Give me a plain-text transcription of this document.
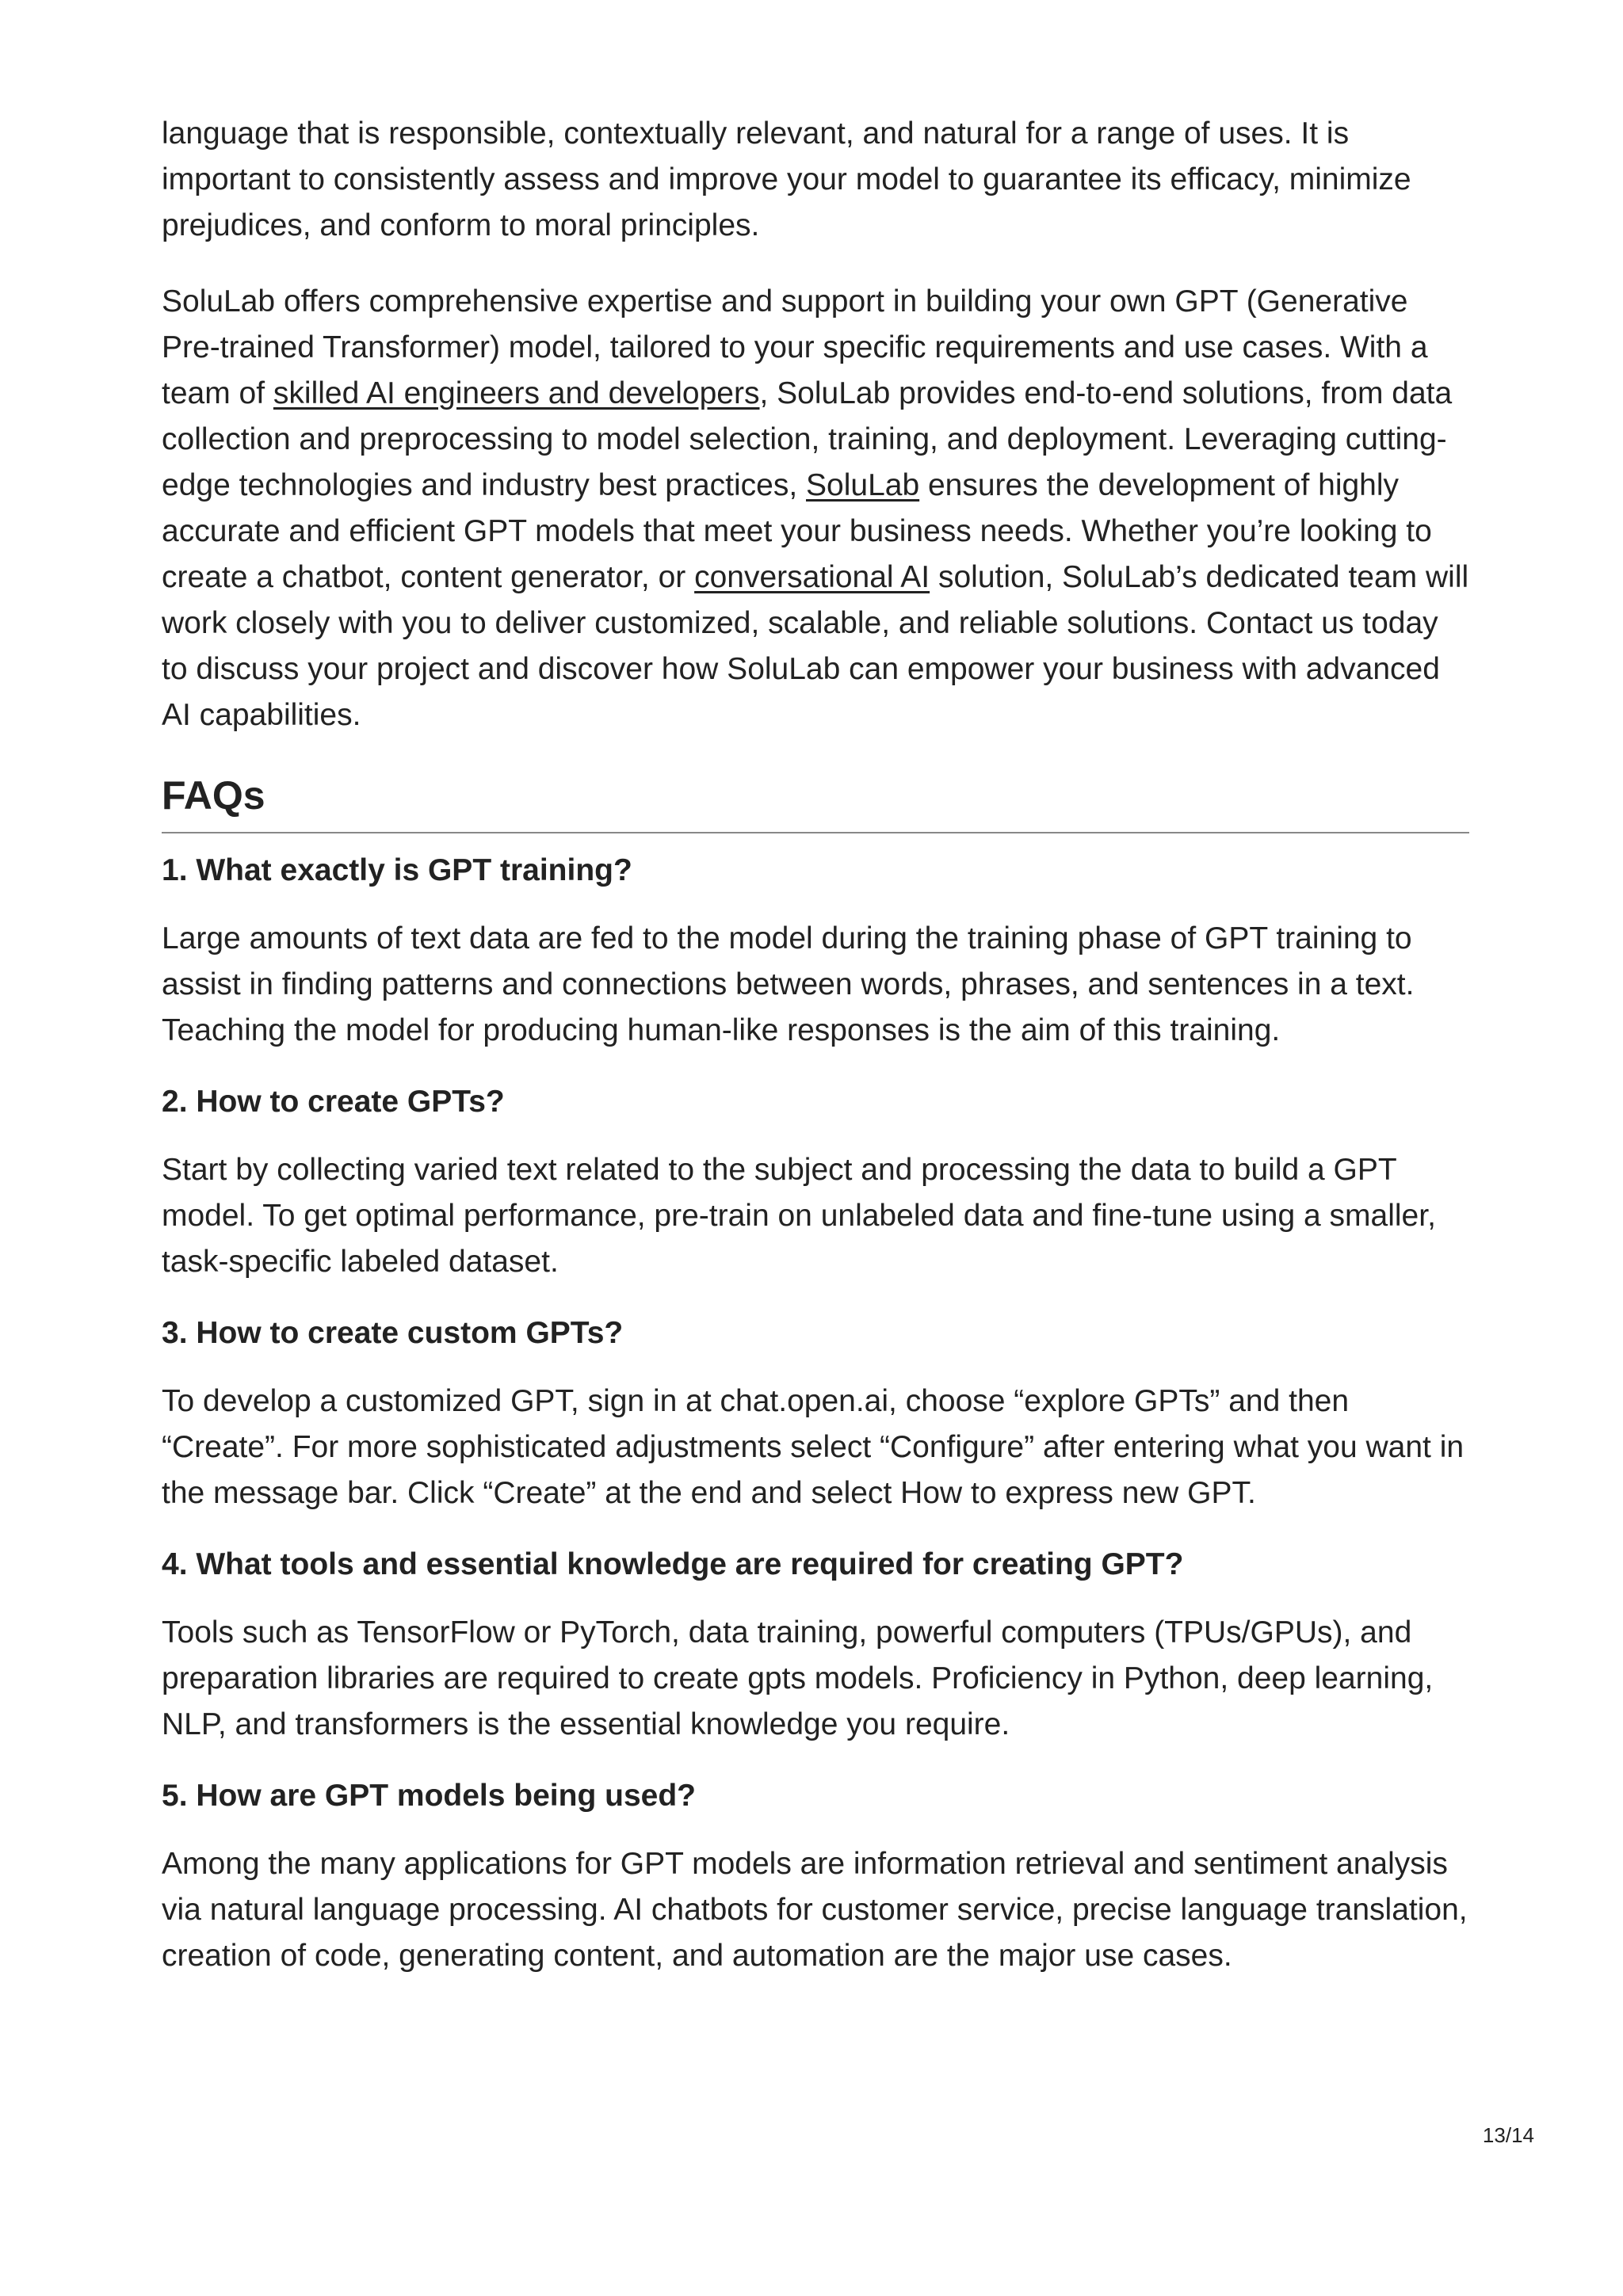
language that is responsible, contextually relevant, and natural for a range of uses. It is important to consistently assess and improve your model to guarantee its efficacy, minimize prejudices, and conform to moral principles.

SoluLab offers comprehensive expertise and support in building your own GPT (Generative Pre-trained Transformer) model, tailored to your specific requirements and use cases. With a team of skilled AI engineers and developers, SoluLab provides end-to-end solutions, from data collection and preprocessing to model selection, training, and deployment. Leveraging cutting-edge technologies and industry best practices, SoluLab ensures the development of highly accurate and efficient GPT models that meet your business needs. Whether you’re looking to create a chatbot, content generator, or conversational AI solution, SoluLab’s dedicated team will work closely with you to deliver customized, scalable, and reliable solutions. Contact us today to discuss your project and discover how SoluLab can empower your business with advanced AI capabilities.

FAQs
1. What exactly is GPT training?

Large amounts of text data are fed to the model during the training phase of GPT training to assist in finding patterns and connections between words, phrases, and sentences in a text. Teaching the model for producing human-like responses is the aim of this training.

2. How to create GPTs?

Start by collecting varied text related to the subject and processing the data to build a GPT model. To get optimal performance, pre-train on unlabeled data and fine-tune using a smaller, task-specific labeled dataset.

3. How to create custom GPTs?

To develop a customized GPT, sign in at chat.open.ai, choose “explore GPTs” and then “Create”. For more sophisticated adjustments select “Configure” after entering what you want in the message bar. Click “Create” at the end and select How to express new GPT.

4. What tools and essential knowledge are required for creating GPT?

Tools such as TensorFlow or PyTorch, data training, powerful computers (TPUs/GPUs), and preparation libraries are required to create gpts models. Proficiency in Python, deep learning, NLP, and transformers is the essential knowledge you require.

5. How are GPT models being used?

Among the many applications for GPT models are information retrieval and sentiment analysis via natural language processing. AI chatbots for customer service, precise language translation, creation of code, generating content, and automation are the major use cases.

13/14
